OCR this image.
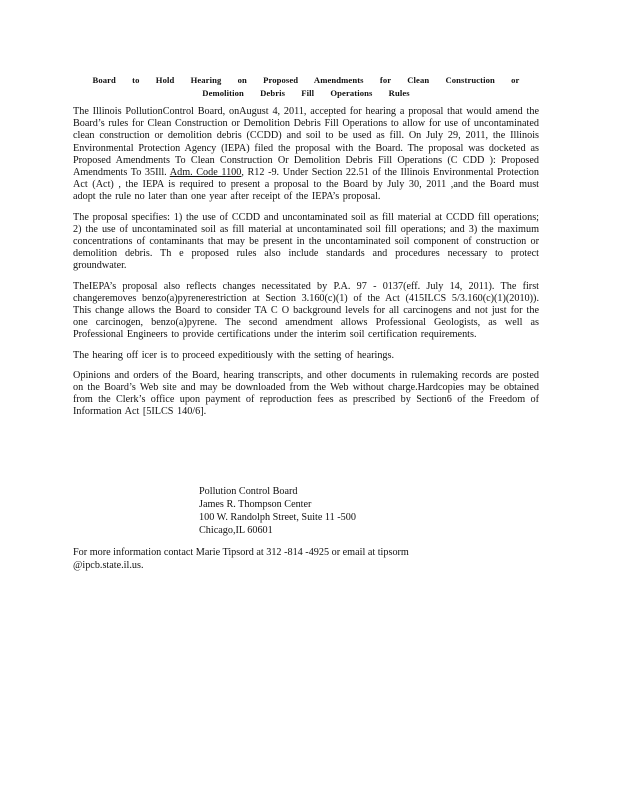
Board to Hold Hearing on Proposed Amendments for Clean Construction or Demolition Debris Fill Operations Rules

The Illinois PollutionControl Board, onAugust 4, 2011, accepted for hearing a proposal that would amend the Board’s rules for Clean Construction or Demolition Debris Fill Operations to allow for use of uncontaminated clean construction or demolition debris (CCDD) and soil to be used as fill. On July 29, 2011, the Illinois Environmental Protection Agency (IEPA) filed the proposal with the Board. The proposal was docketed as Proposed Amendments To Clean Construction Or Demolition Debris Fill Operations (C CDD ): Proposed Amendments To 35Ill. Adm. Code 1100, R12 -9. Under Section 22.51 of the Illinois Environmental Protection Act (Act) , the IEPA is required to present a proposal to the Board by July 30, 2011 ,and the Board must adopt the rule no later than one year after receipt of the IEPA’s proposal.

The proposal specifies: 1) the use of CCDD and uncontaminated soil as fill material at CCDD fill operations; 2) the use of uncontaminated soil as fill material at uncontaminated soil fill operations; and 3) the maximum concentrations of contaminants that may be present in the uncontaminated soil component of construction or demolition debris. Th e proposed rules also include standards and procedures necessary to protect groundwater.

TheIEPA’s proposal also reflects changes necessitated by P.A. 97 - 0137(eff. July 14, 2011). The first changeremoves benzo(a)pyrenerestriction at Section 3.160(c)(1) of the Act (415ILCS 5/3.160(c)(1)(2010)). This change allows the Board to consider TA C O background levels for all carcinogens and not just for the one carcinogen, benzo(a)pyrene. The second amendment allows Professional Geologists, as well as Professional Engineers to provide certifications under the interim soil certification requirements.

The hearing off icer is to proceed expeditiously with the setting of hearings.

Opinions and orders of the Board, hearing transcripts, and other documents in rulemaking records are posted on the Board’s Web site and may be downloaded from the Web without charge.Hardcopies may be obtained from the Clerk’s office upon payment of reproduction fees as prescribed by Section6 of the Freedom of Information Act [5ILCS 140/6].

Pollution Control Board
James R. Thompson Center
100 W. Randolph Street, Suite 11 -500
Chicago,IL 60601
For more information contact Marie Tipsord at 312 -814 -4925 or email at tipsorm @ipcb.state.il.us.
